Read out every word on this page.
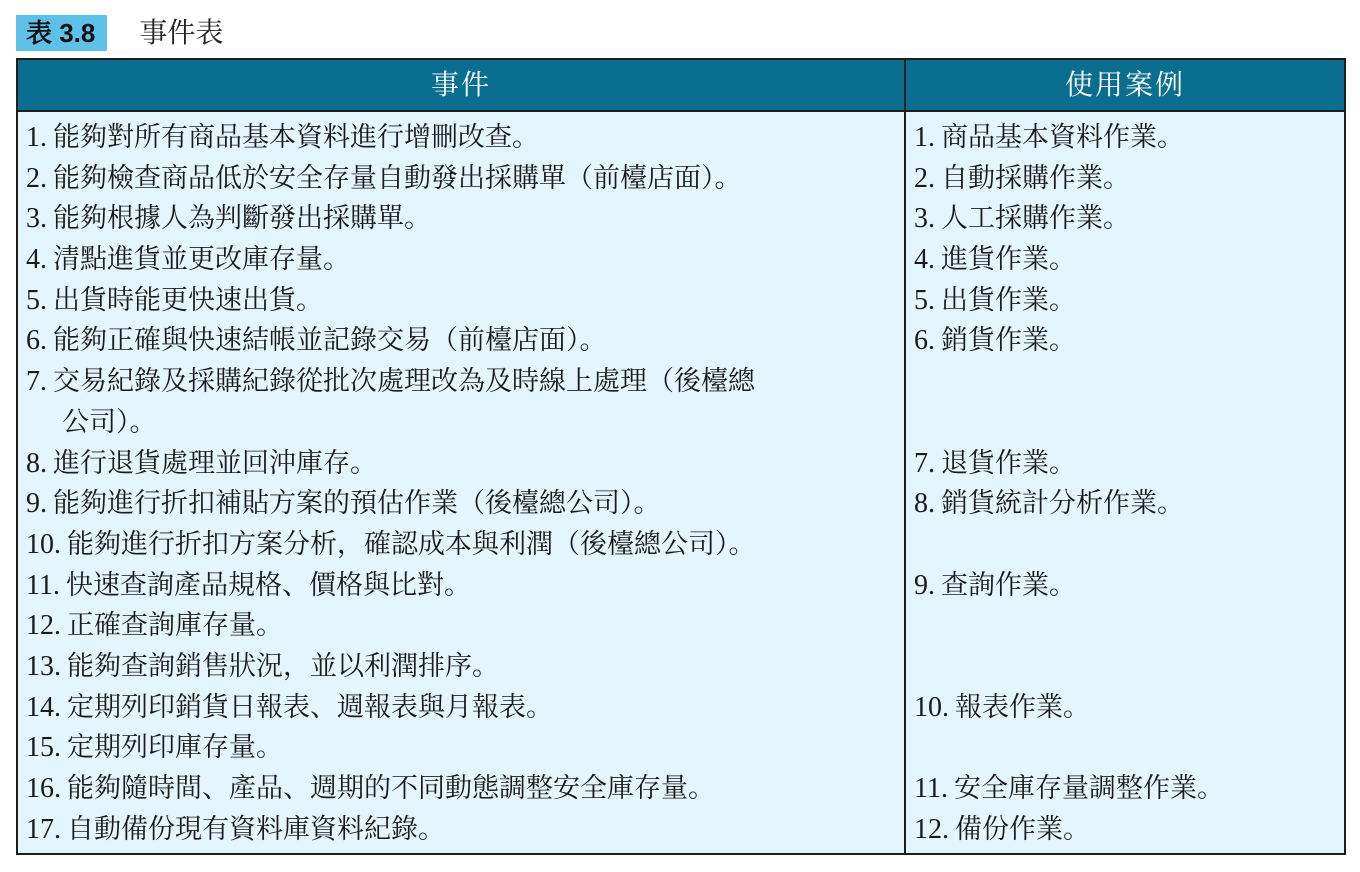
表 3.8	事件表
事件	使用案例
1. 能夠對所有商品基本資料進行增刪改查。
2. 能夠檢查商品低於安全存量自動發出採購單（前檯店面）。
3. 能夠根據人為判斷發出採購單。
4. 清點進貨並更改庫存量。
5. 出貨時能更快速出貨。
6. 能夠正確與快速結帳並記錄交易（前檯店面）。
7. 交易紀錄及採購紀錄從批次處理改為及時線上處理（後檯總
公司）。
8. 進行退貨處理並回沖庫存。
9. 能夠進行折扣補貼方案的預估作業（後檯總公司）。
10. 能夠進行折扣方案分析，確認成本與利潤（後檯總公司）。
11. 快速查詢產品規格、價格與比對。
12. 正確查詢庫存量。
13. 能夠查詢銷售狀況，並以利潤排序。
14. 定期列印銷貨日報表、週報表與月報表。
15. 定期列印庫存量。
16. 能夠隨時間、產品、週期的不同動態調整安全庫存量。
17. 自動備份現有資料庫資料紀錄。
1. 商品基本資料作業。
2. 自動採購作業。
3. 人工採購作業。
4. 進貨作業。
5. 出貨作業。
6. 銷貨作業。
7. 退貨作業。
8. 銷貨統計分析作業。
9. 查詢作業。
10. 報表作業。
11. 安全庫存量調整作業。
12. 備份作業。
